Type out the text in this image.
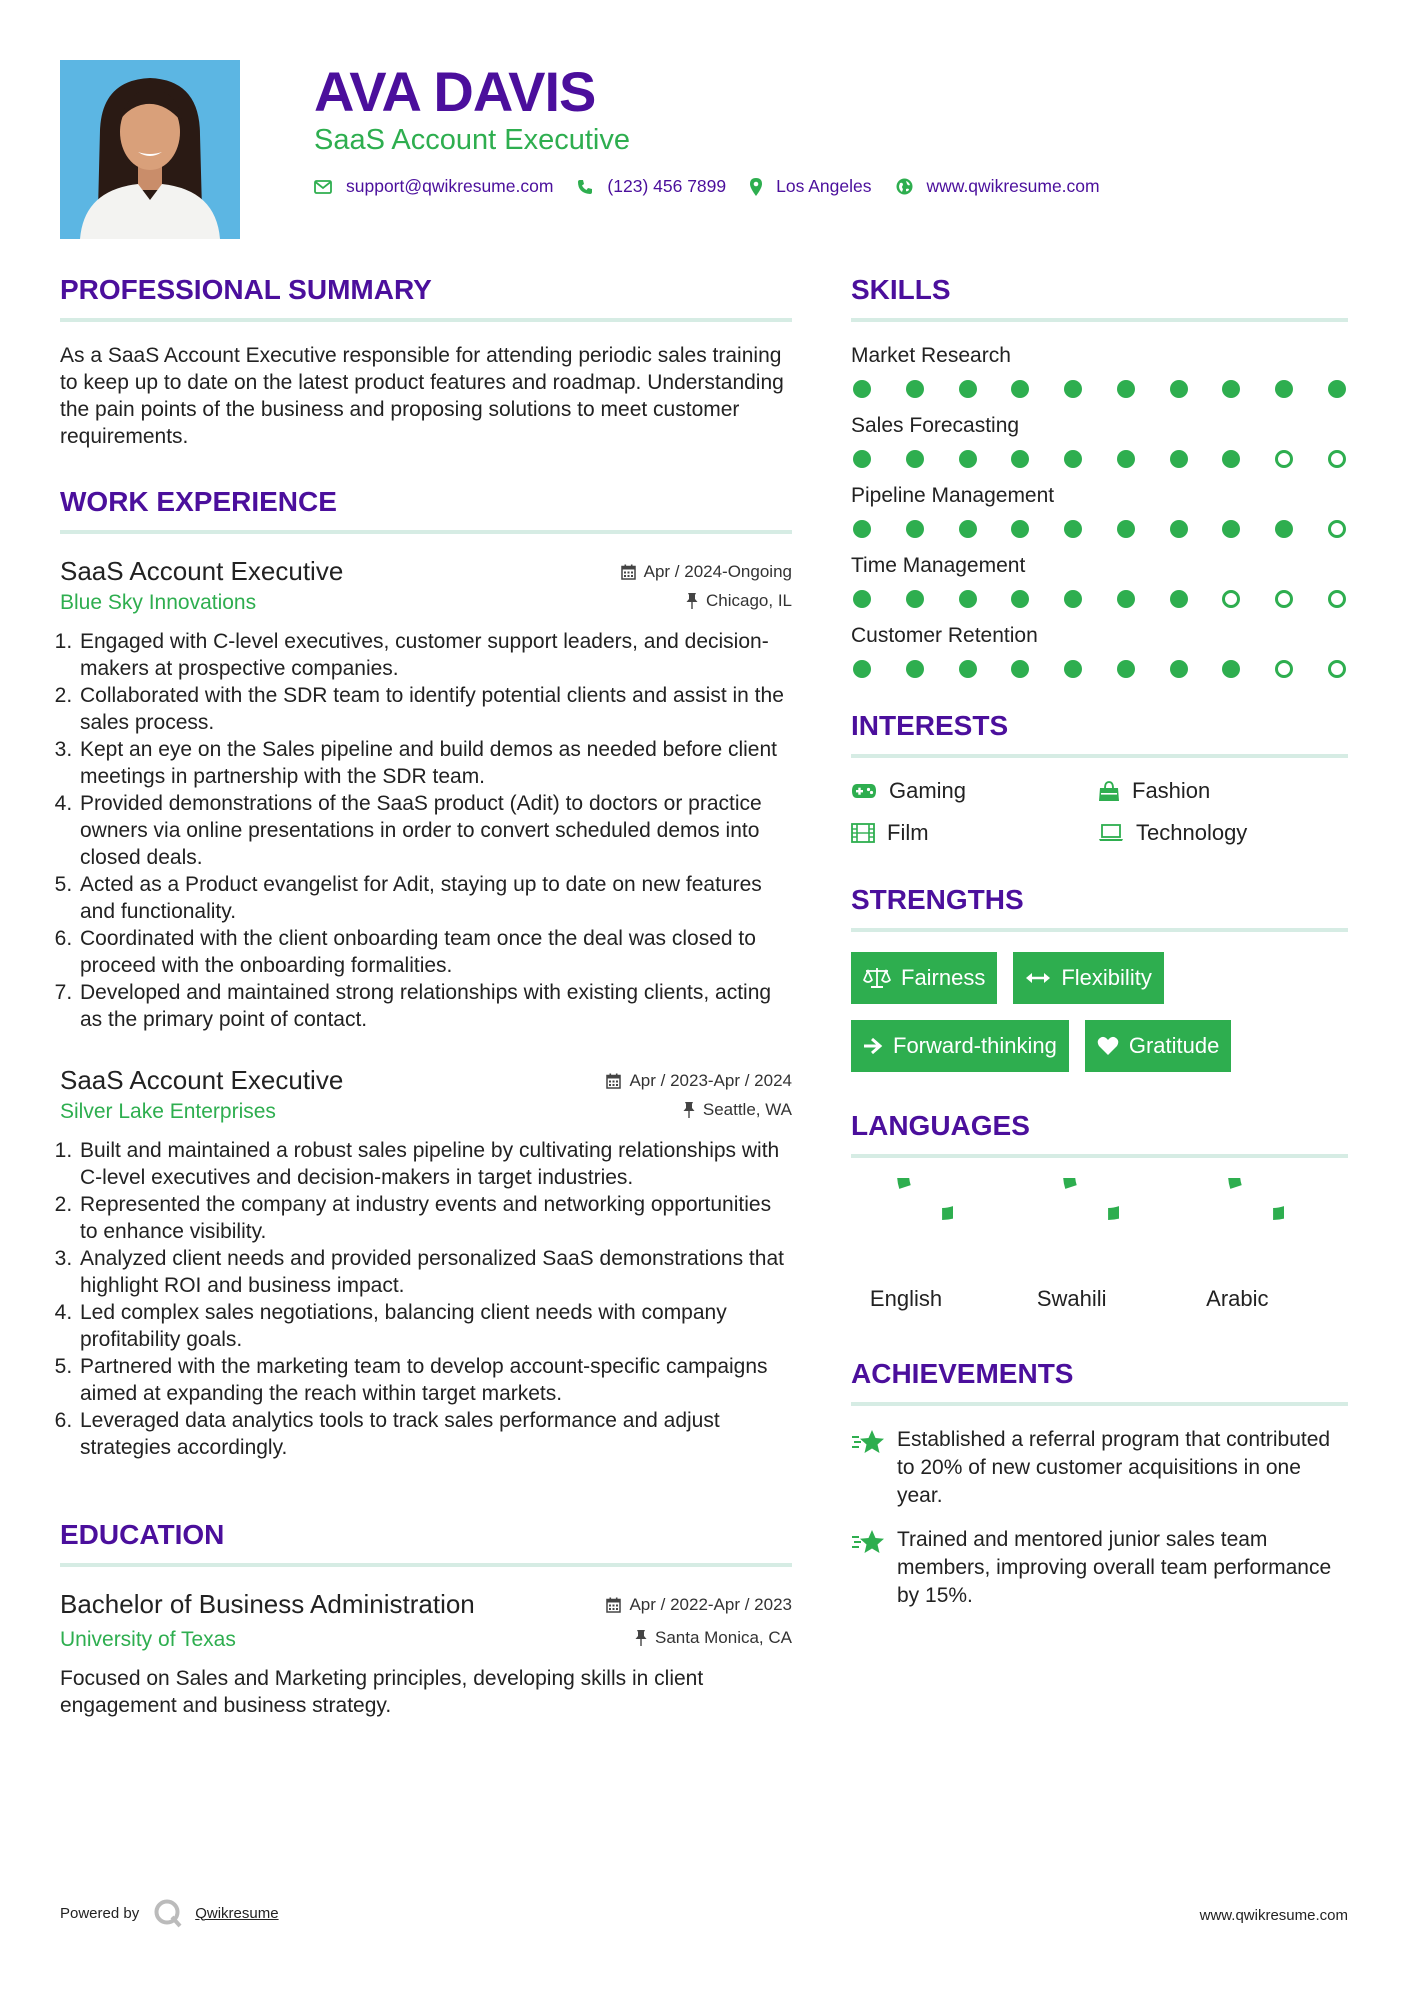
AVA DAVIS
SaaS Account Executive
support@qwikresume.com	(123) 456 7899	Los Angeles	www.qwikresume.com
PROFESSIONAL SUMMARY

As a SaaS Account Executive responsible for attending periodic sales training to keep up to date on the latest product features and roadmap. Understanding the pain points of the business and proposing solutions to meet customer requirements.

WORK EXPERIENCE
SaaS Account Executive	Apr / 2024-Ongoing
Blue Sky Innovations	Chicago, IL
1. Engaged with C-level executives, customer support leaders, and decision-makers at prospective companies.
2. Collaborated with the SDR team to identify potential clients and assist in the sales process.
3. Kept an eye on the Sales pipeline and build demos as needed before client meetings in partnership with the SDR team.
4. Provided demonstrations of the SaaS product (Adit) to doctors or practice owners via online presentations in order to convert scheduled demos into closed deals.
5. Acted as a Product evangelist for Adit, staying up to date on new features and functionality.
6. Coordinated with the client onboarding team once the deal was closed to proceed with the onboarding formalities.
7. Developed and maintained strong relationships with existing clients, acting as the primary point of contact.
SaaS Account Executive	Apr / 2023-Apr / 2024
Silver Lake Enterprises	Seattle, WA
1. Built and maintained a robust sales pipeline by cultivating relationships with C-level executives and decision-makers in target industries.
2. Represented the company at industry events and networking opportunities to enhance visibility.
3. Analyzed client needs and provided personalized SaaS demonstrations that highlight ROI and business impact.
4. Led complex sales negotiations, balancing client needs with company profitability goals.
5. Partnered with the marketing team to develop account-specific campaigns aimed at expanding the reach within target markets.
6. Leveraged data analytics tools to track sales performance and adjust strategies accordingly.
EDUCATION
Bachelor of Business Administration	Apr / 2022-Apr / 2023
University of Texas	Santa Monica, CA

Focused on Sales and Marketing principles, developing skills in client engagement and business strategy.

SKILLS
Market Research
Sales Forecasting
Pipeline Management
Time Management
Customer Retention
INTERESTS
Gaming	Fashion
Film	Technology
STRENGTHS
Fairness	Flexibility
Forward-thinking	Gratitude
LANGUAGES
English	Swahili	Arabic
ACHIEVEMENTS
Established a referral program that contributed to 20% of new customer acquisitions in one year.
Trained and mentored junior sales team members, improving overall team performance by 15%.
Powered by	Qwikresume	www.qwikresume.com
